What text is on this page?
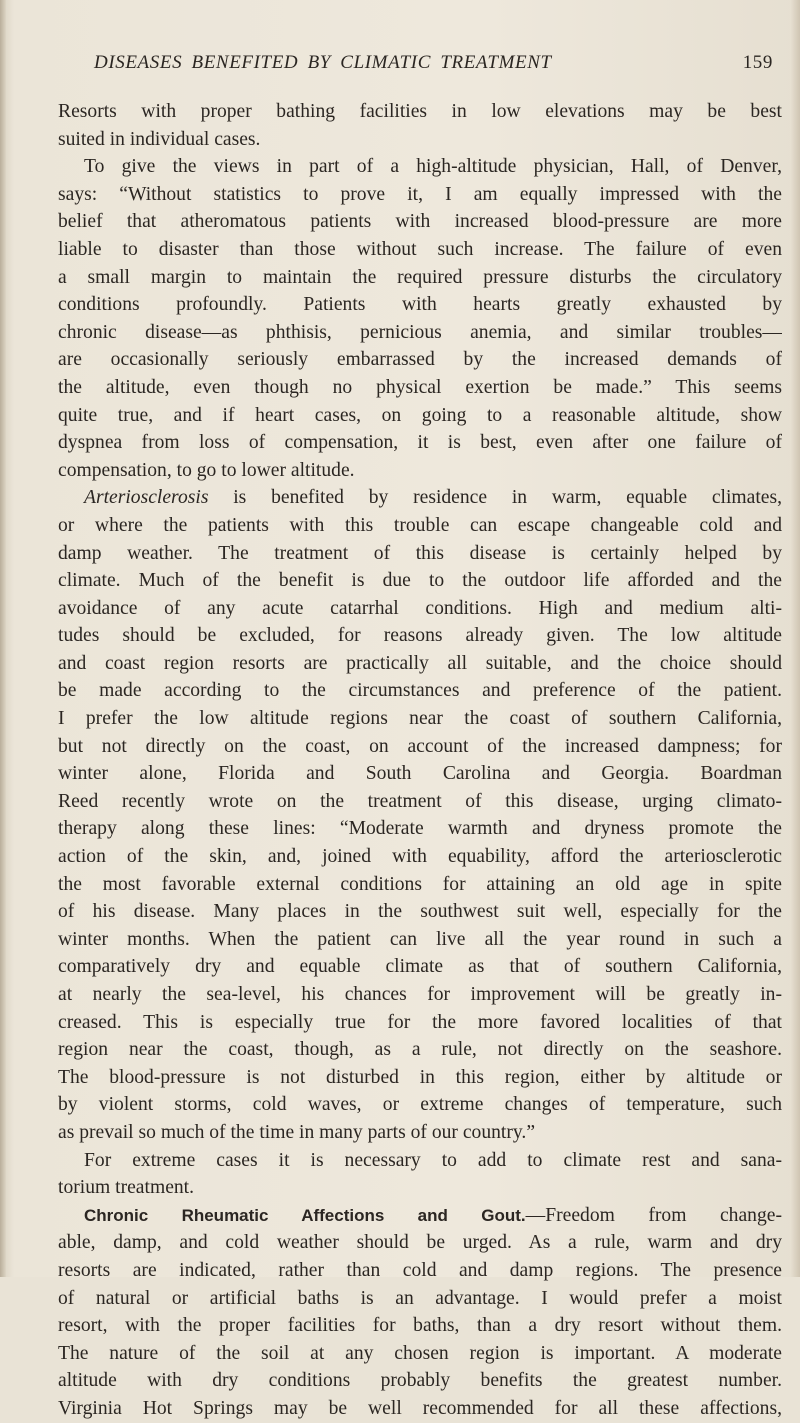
DISEASES BENEFITED BY CLIMATIC TREATMENT	159
Resorts with proper bathing facilities in low elevations may be best
suited in individual cases.
To give the views in part of a high-altitude physician, Hall, of Denver,
says: “Without statistics to prove it, I am equally impressed with the
belief that atheromatous patients with increased blood-pressure are more
liable to disaster than those without such increase. The failure of even
a small margin to maintain the required pressure disturbs the circulatory
conditions profoundly. Patients with hearts greatly exhausted by
chronic disease—as phthisis, pernicious anemia, and similar troubles—
are occasionally seriously embarrassed by the increased demands of
the altitude, even though no physical exertion be made.” This seems
quite true, and if heart cases, on going to a reasonable altitude, show
dyspnea from loss of compensation, it is best, even after one failure of
compensation, to go to lower altitude.
Arteriosclerosis is benefited by residence in warm, equable climates,
or where the patients with this trouble can escape changeable cold and
damp weather. The treatment of this disease is certainly helped by
climate. Much of the benefit is due to the outdoor life afforded and the
avoidance of any acute catarrhal conditions. High and medium alti-
tudes should be excluded, for reasons already given. The low altitude
and coast region resorts are practically all suitable, and the choice should
be made according to the circumstances and preference of the patient.
I prefer the low altitude regions near the coast of southern California,
but not directly on the coast, on account of the increased dampness; for
winter alone, Florida and South Carolina and Georgia. Boardman
Reed recently wrote on the treatment of this disease, urging climato-
therapy along these lines: “Moderate warmth and dryness promote the
action of the skin, and, joined with equability, afford the arteriosclerotic
the most favorable external conditions for attaining an old age in spite
of his disease. Many places in the southwest suit well, especially for the
winter months. When the patient can live all the year round in such a
comparatively dry and equable climate as that of southern California,
at nearly the sea-level, his chances for improvement will be greatly in-
creased. This is especially true for the more favored localities of that
region near the coast, though, as a rule, not directly on the seashore.
The blood-pressure is not disturbed in this region, either by altitude or
by violent storms, cold waves, or extreme changes of temperature, such
as prevail so much of the time in many parts of our country.”
For extreme cases it is necessary to add to climate rest and sana-
torium treatment.
Chronic Rheumatic Affections and Gout.—Freedom from change-
able, damp, and cold weather should be urged. As a rule, warm and dry
resorts are indicated, rather than cold and damp regions. The presence
of natural or artificial baths is an advantage. I would prefer a moist
resort, with the proper facilities for baths, than a dry resort without them.
The nature of the soil at any chosen region is important. A moderate
altitude with dry conditions probably benefits the greatest number.
Virginia Hot Springs may be well recommended for all these affections,
